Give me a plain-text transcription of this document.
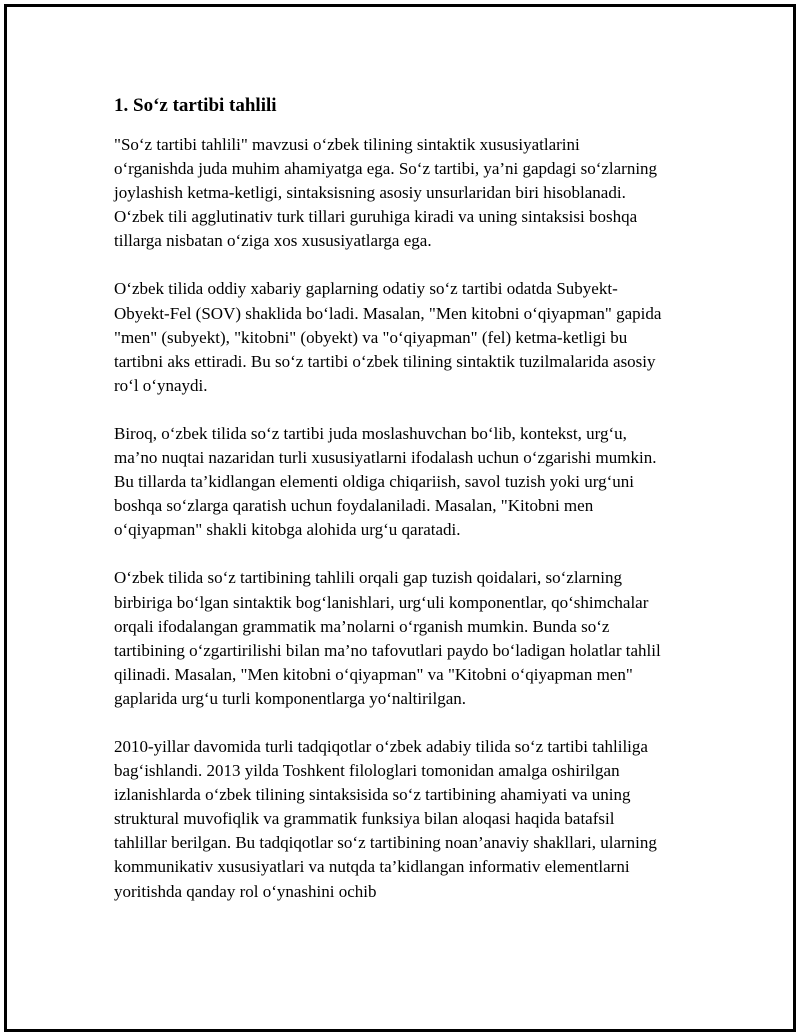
1. So‘z tartibi tahlili

"So‘z tartibi tahlili" mavzusi o‘zbek tilining sintaktik xususiyatlarini o‘rganishda juda muhim ahamiyatga ega. So‘z tartibi, ya’ni gapdagi so‘zlarning joylashish ketma-ketligi, sintaksisning asosiy unsurlaridan biri hisoblanadi. O‘zbek tili agglutinativ turk tillari guruhiga kiradi va uning sintaksisi boshqa tillarga nisbatan o‘ziga xos xususiyatlarga ega.

O‘zbek tilida oddiy xabariy gaplarning odatiy so‘z tartibi odatda Subyekt-Obyekt-Fel (SOV) shaklida bo‘ladi. Masalan, "Men kitobni o‘qiyapman" gapida "men" (subyekt), "kitobni" (obyekt) va "o‘qiyapman" (fel) ketma-ketligi bu tartibni aks ettiradi. Bu so‘z tartibi o‘zbek tilining sintaktik tuzilmalarida asosiy ro‘l o‘ynaydi.

Biroq, o‘zbek tilida so‘z tartibi juda moslashuvchan bo‘lib, kontekst, urg‘u, ma’no nuqtai nazaridan turli xususiyatlarni ifodalash uchun o‘zgarishi mumkin. Bu tillarda ta’kidlangan elementi oldiga chiqariish, savol tuzish yoki urg‘uni boshqa so‘zlarga qaratish uchun foydalaniladi. Masalan, "Kitobni men o‘qiyapman" shakli kitobga alohida urg‘u qaratadi.

O‘zbek tilida so‘z tartibining tahlili orqali gap tuzish qoidalari, so‘zlarning birbiriga bo‘lgan sintaktik bog‘lanishlari, urg‘uli komponentlar, qo‘shimchalar orqali ifodalangan grammatik ma’nolarni o‘rganish mumkin. Bunda so‘z tartibining o‘zgartirilishi bilan ma’no tafovutlari paydo bo‘ladigan holatlar tahlil qilinadi. Masalan, "Men kitobni o‘qiyapman" va "Kitobni o‘qiyapman men" gaplarida urg‘u turli komponentlarga yo‘naltirilgan.

2010-yillar davomida turli tadqiqotlar o‘zbek adabiy tilida so‘z tartibi tahliliga bag‘ishlandi. 2013 yilda Toshkent filologlari tomonidan amalga oshirilgan izlanishlarda o‘zbek tilining sintaksisida so‘z tartibining ahamiyati va uning struktural muvofiqlik va grammatik funksiya bilan aloqasi haqida batafsil tahlillar berilgan. Bu tadqiqotlar so‘z tartibining noan’anaviy shakllari, ularning kommunikativ xususiyatlari va nutqda ta’kidlangan informativ elementlarni yoritishda qanday rol o‘ynashini ochib
